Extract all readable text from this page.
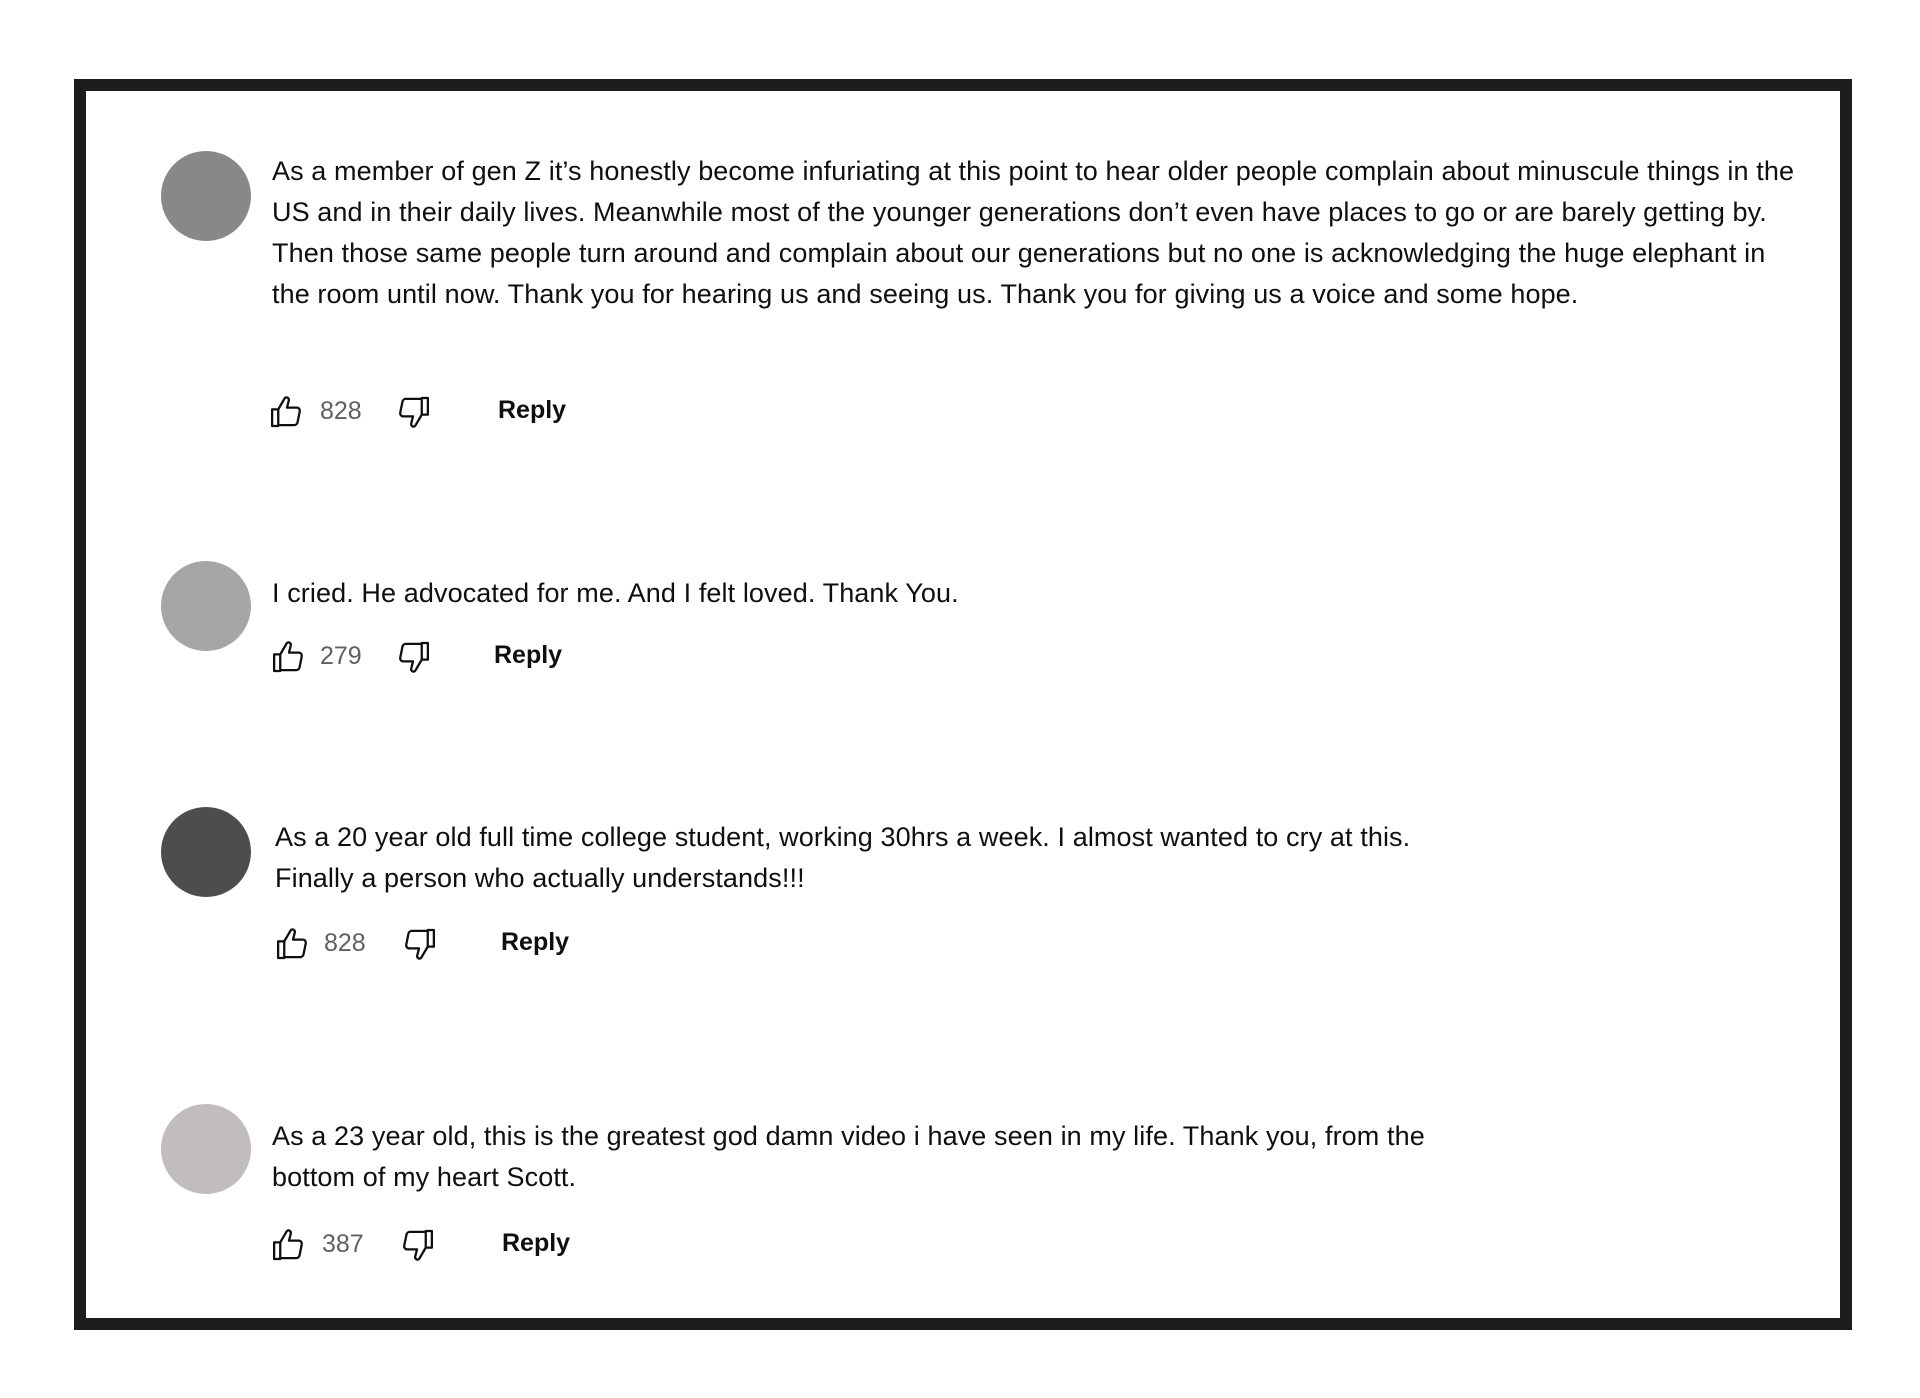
As a member of gen Z it’s honestly become infuriating at this point to hear older people complain about minuscule things in the US and in their daily lives. Meanwhile most of the younger generations don’t even have places to go or are barely getting by. Then those same people turn around and complain about our generations but no one is acknowledging the huge elephant in the room until now. Thank you for hearing us and seeing us. Thank you for giving us a voice and some hope.

828	Reply

I cried. He advocated for me. And I felt loved. Thank You.

279	Reply

As a 20 year old full time college student, working 30hrs a week. I almost wanted to cry at this.

Finally a person who actually understands!!!

828	Reply

As a 23 year old, this is the greatest god damn video i have seen in my life. Thank you, from the

bottom of my heart Scott.

387	Reply
